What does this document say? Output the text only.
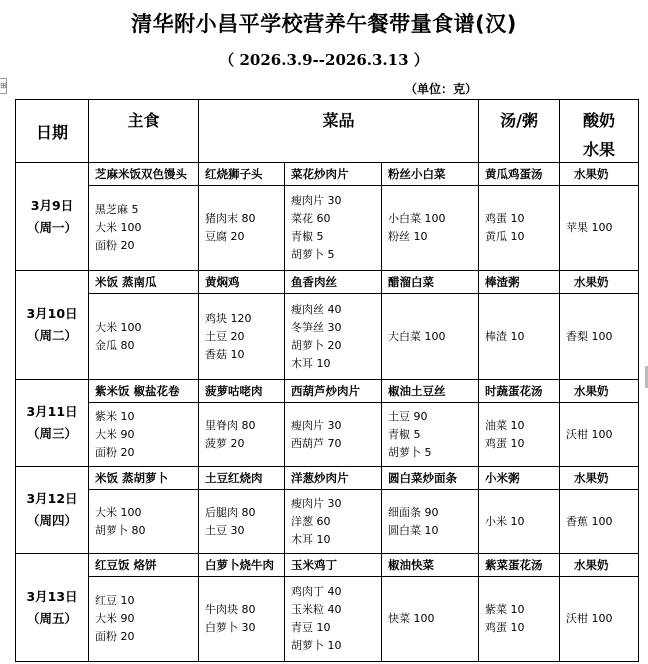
清华附小昌平学校营养午餐带量食谱(汉)
（ 2026.3.9--2026.3.13 ）
（单位：克）
⊞
日期	主食	菜品			汤/粥	酸奶
水果

3月9日
（周一）	芝麻米饭双色馒头	红烧狮子头	菜花炒肉片	粉丝小白菜	黄瓜鸡蛋汤	水果奶

	黑芝麻 5
大米 100
面粉 20	猪肉末 80
豆腐 20	瘦肉片 30
菜花 60
青椒 5
胡萝卜 5	小白菜 100
粉丝 10	鸡蛋 10
黄瓜 10	苹果 100

3月10日
（周二）	米饭 蒸南瓜	黄焖鸡	鱼香肉丝	醋溜白菜	棒渣粥	水果奶

	大米 100
金瓜 80	鸡块 120
土豆 20
香菇 10	瘦肉丝 40
冬笋丝 30
胡萝卜 20
木耳 10	大白菜 100	棒渣 10	香梨 100

3月11日
（周三）	紫米饭 椒盐花卷	菠萝咕咾肉	西葫芦炒肉片	椒油土豆丝	时蔬蛋花汤	水果奶

	紫米 10
大米 90
面粉 20	里脊肉 80
菠萝 20	瘦肉片 30
西葫芦 70	土豆 90
青椒 5
胡萝卜 5	油菜 10
鸡蛋 10	沃柑 100

3月12日
（周四）	米饭 蒸胡萝卜	土豆红烧肉	洋葱炒肉片	圆白菜炒面条	小米粥	水果奶

	大米 100
胡萝卜 80	后腿肉 80
土豆 30	瘦肉片 30
洋葱 60
木耳 10	细面条 90
圆白菜 10	小米 10	香蕉 100

3月13日
（周五）	红豆饭 烙饼	白萝卜烧牛肉	玉米鸡丁	椒油快菜	紫菜蛋花汤	水果奶

	红豆 10
大米 90
面粉 20	牛肉块 80
白萝卜 30	鸡肉丁 40
玉米粒 40
青豆 10
胡萝卜 10	快菜 100	紫菜 10
鸡蛋 10	沃柑 100
